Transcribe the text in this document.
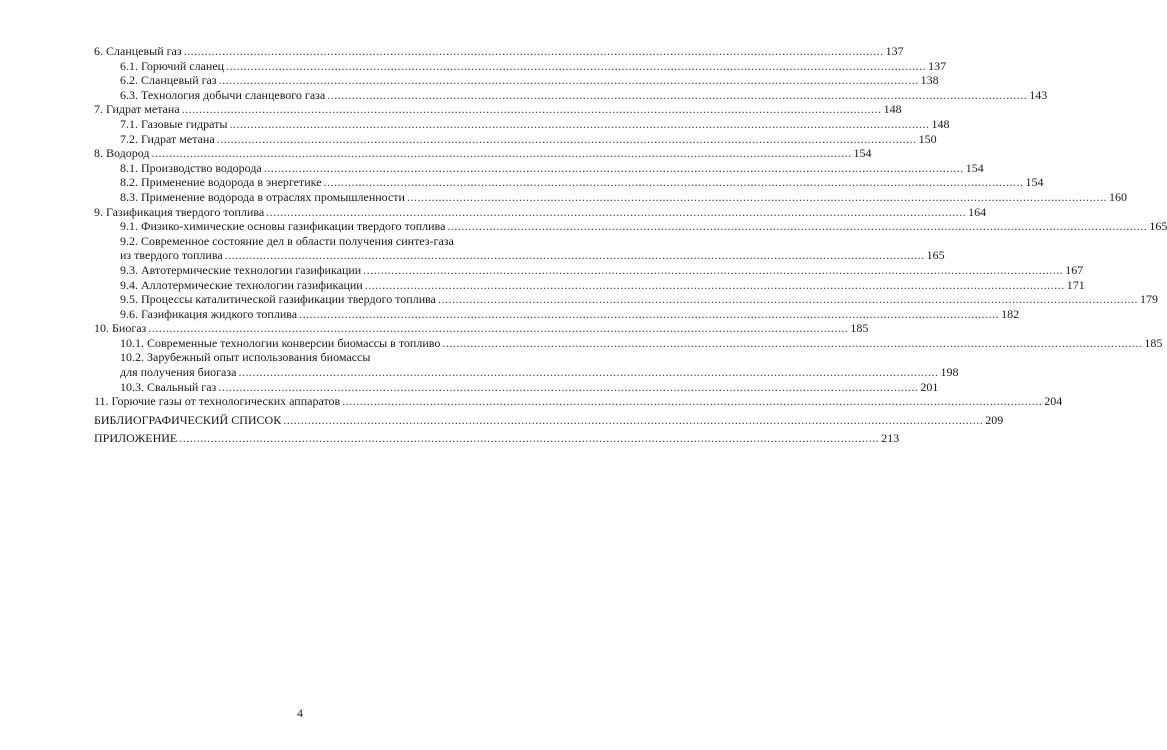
6. Сланцевый газ ........................................................................................................................................................................................................ 137
6.1. Горючий сланец ........................................................................................................................................................................................................ 137
6.2. Сланцевый газ ........................................................................................................................................................................................................ 138
6.3. Технология добычи сланцевого газа ........................................................................................................................................................................................................ 143
7. Гидрат метана ........................................................................................................................................................................................................ 148
7.1. Газовые гидраты ........................................................................................................................................................................................................ 148
7.2. Гидрат метана ........................................................................................................................................................................................................ 150
8. Водород ........................................................................................................................................................................................................ 154
8.1. Производство водорода ........................................................................................................................................................................................................ 154
8.2. Применение водорода в энергетике ........................................................................................................................................................................................................ 154
8.3. Применение водорода в отраслях промышленности ........................................................................................................................................................................................................ 160
9. Газификация твердого топлива ........................................................................................................................................................................................................ 164
9.1. Физико-химические основы газификации твердого топлива ........................................................................................................................................................................................................ 165
9.2. Современное состояние дел в области получения синтез-газа
из твердого топлива ........................................................................................................................................................................................................ 165
9.3. Автотермические технологии газификации ........................................................................................................................................................................................................ 167
9.4. Аллотермические технологии газификации ........................................................................................................................................................................................................ 171
9.5. Процессы каталитической газификации твердого топлива ........................................................................................................................................................................................................ 179
9.6. Газификация жидкого топлива ........................................................................................................................................................................................................ 182
10. Биогаз ........................................................................................................................................................................................................ 185
10.1. Современные технологии конверсии биомассы в топливо ........................................................................................................................................................................................................ 185
10.2. Зарубежный опыт использования биомассы
для получения биогаза ........................................................................................................................................................................................................ 198
10.3. Свальный газ ........................................................................................................................................................................................................ 201
11. Горючие газы от технологических аппаратов ........................................................................................................................................................................................................ 204
БИБЛИОГРАФИЧЕСКИЙ СПИСОК ........................................................................................................................................................................................................ 209
ПРИЛОЖЕНИЕ ........................................................................................................................................................................................................ 213
4
